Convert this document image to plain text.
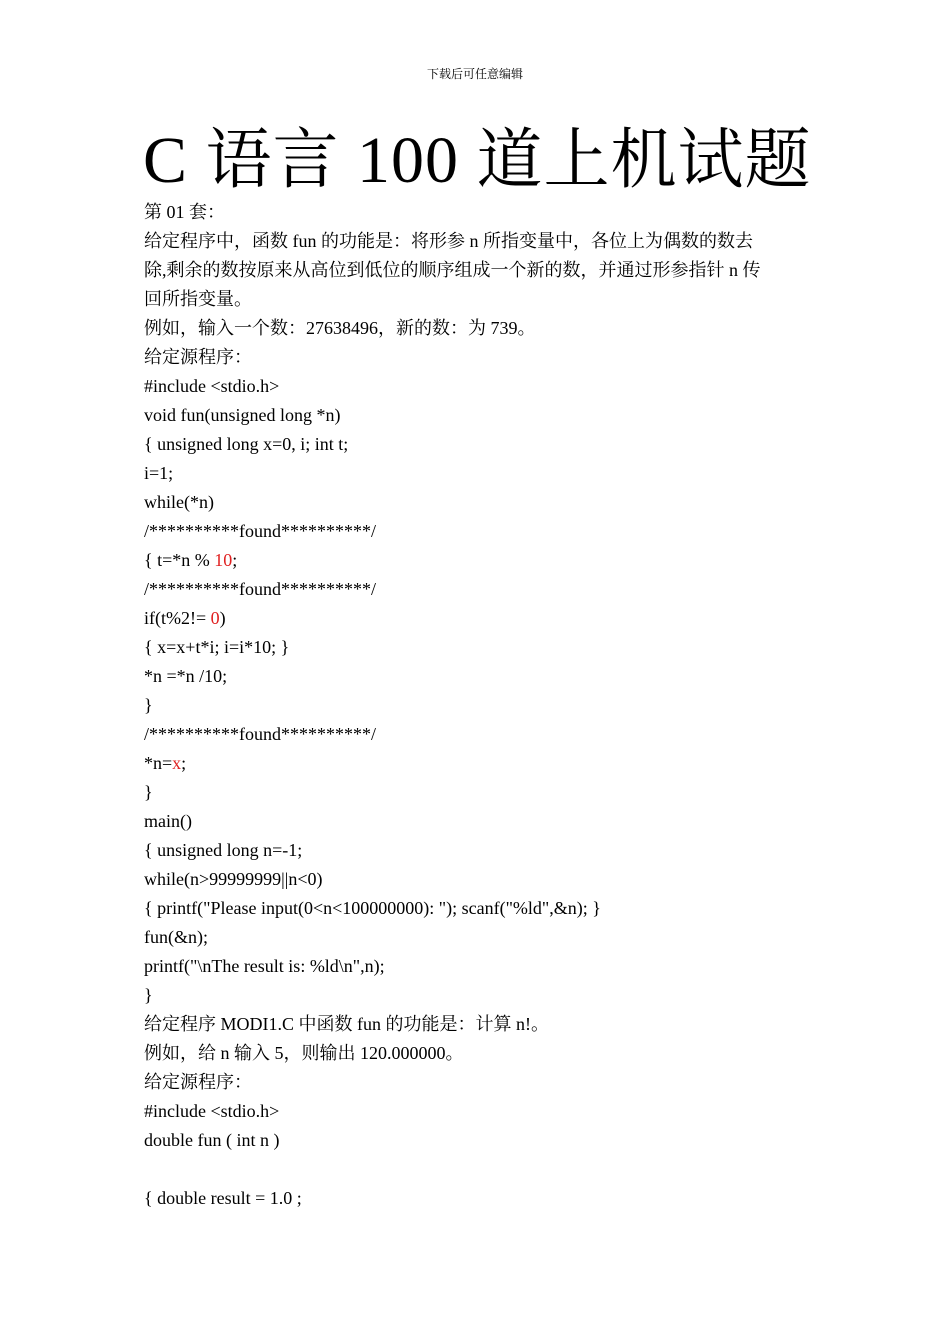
下载后可任意编辑
C 语言 100 道上机试题
第 01 套：
给定程序中，函数 fun 的功能是：将形参 n 所指变量中，各位上为偶数的数去
除,剩余的数按原来从高位到低位的顺序组成一个新的数，并通过形参指针 n 传
回所指变量。
例如，输入一个数：27638496，新的数：为 739。
给定源程序：
#include <stdio.h>
void fun(unsigned long *n)
{ unsigned long x=0, i; int t;
i=1;
while(*n)
/**********found**********/
{ t=*n % 10;
/**********found**********/
if(t%2!= 0)
{ x=x+t*i; i=i*10; }
*n =*n /10;
}
/**********found**********/
*n=x;
}
main()
{ unsigned long n=-1;
while(n>99999999||n<0)
{ printf("Please input(0<n<100000000): "); scanf("%ld",&n); }
fun(&n);
printf("\nThe result is: %ld\n",n);
}
给定程序 MODI1.C 中函数 fun 的功能是：计算 n!。
例如，给 n 输入 5，则输出 120.000000。
给定源程序：
#include <stdio.h>
double fun ( int n )
{ double result = 1.0 ;
